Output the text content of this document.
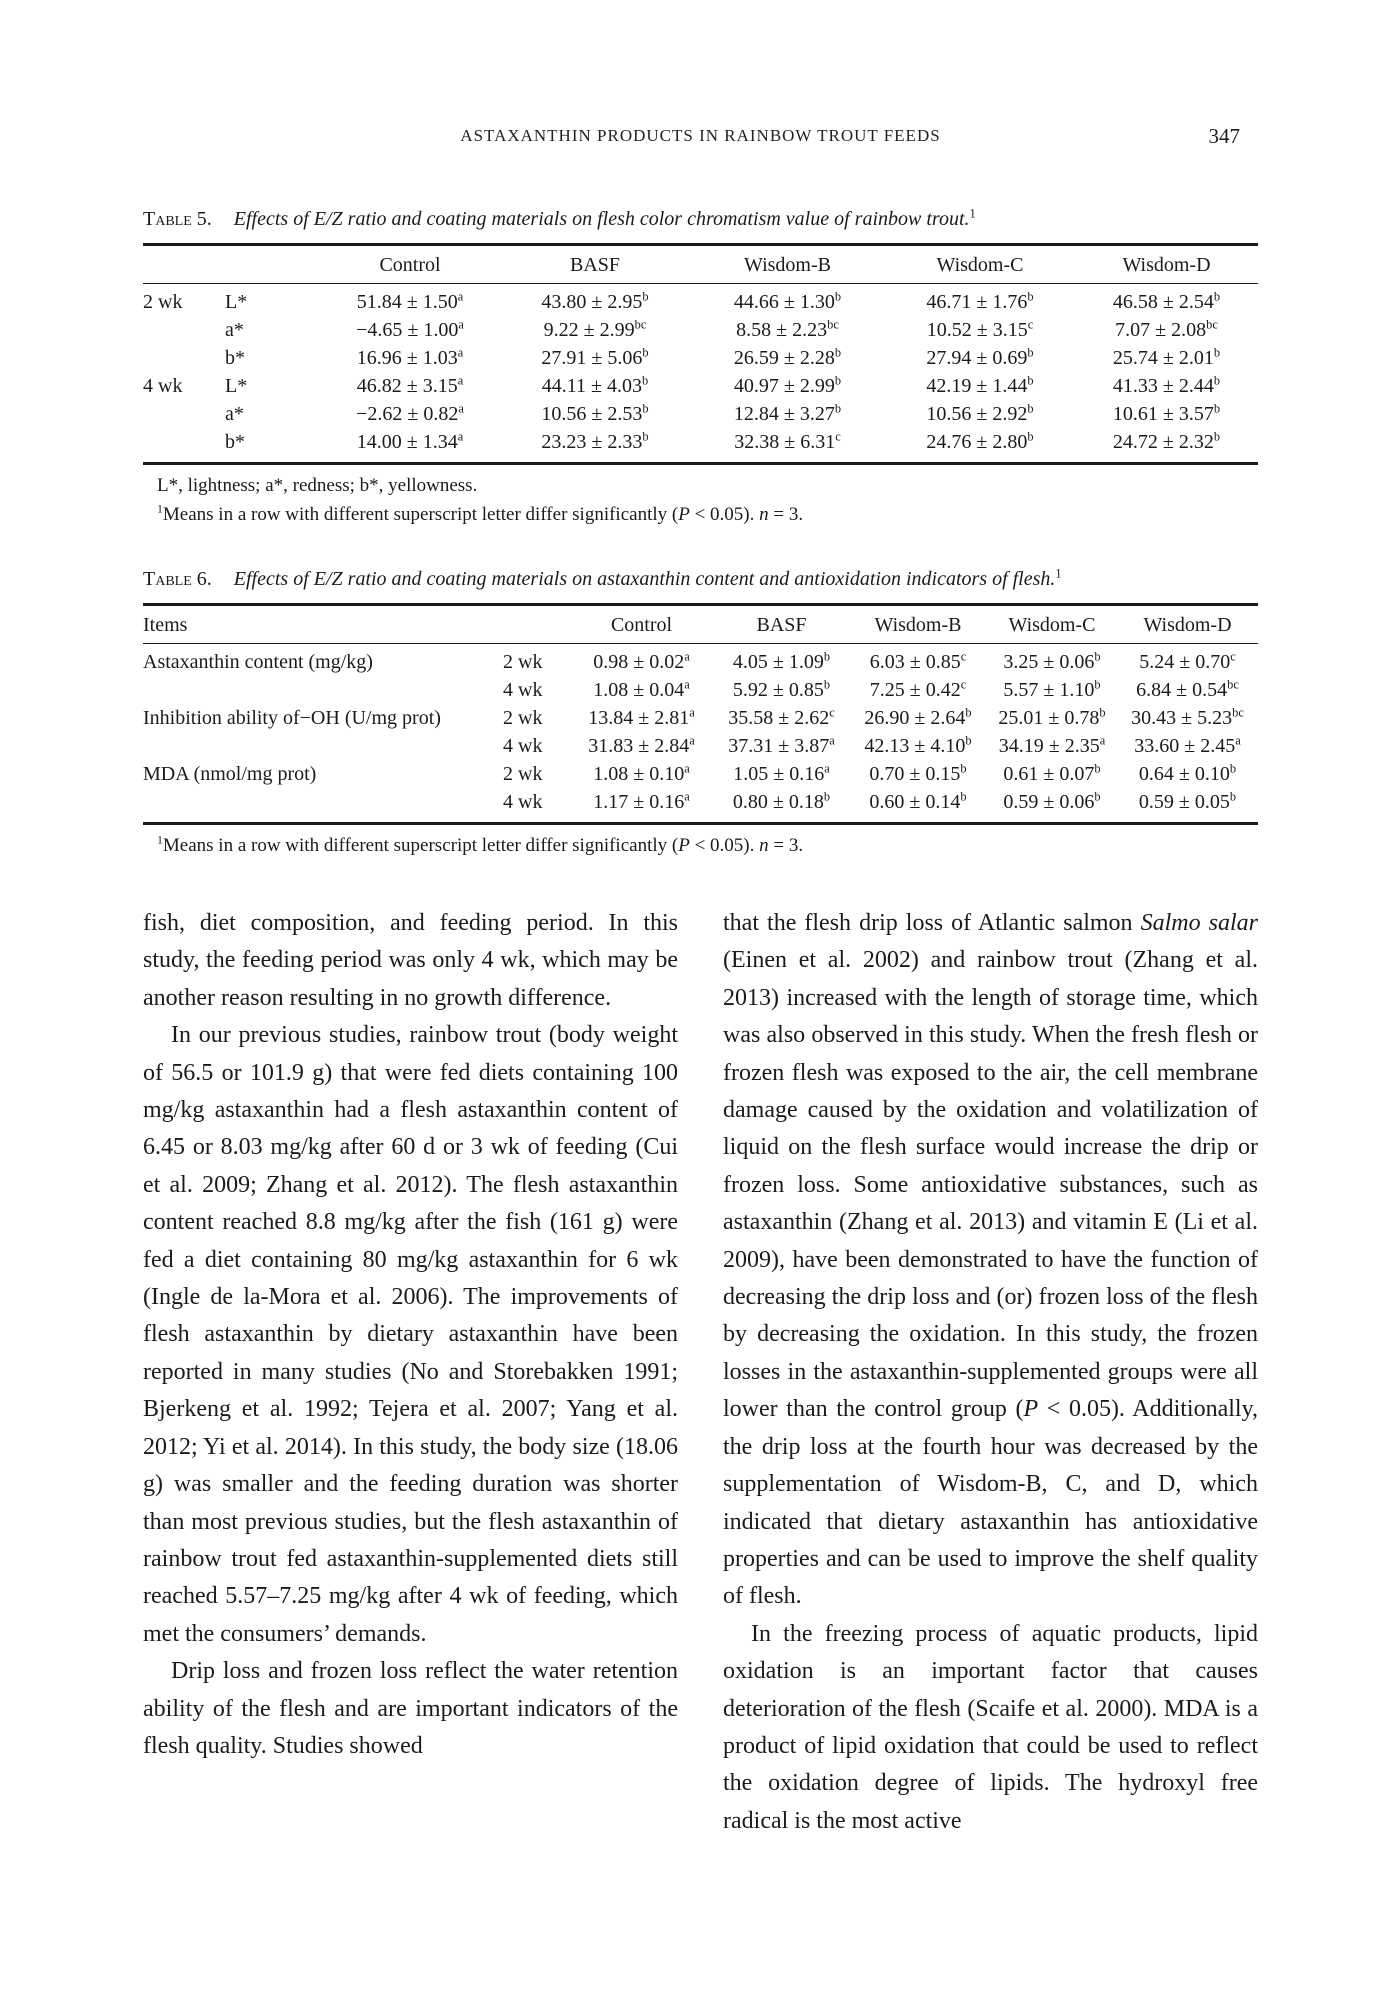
ASTAXANTHIN PRODUCTS IN RAINBOW TROUT FEEDS	347
Table 5. Effects of E/Z ratio and coating materials on flesh color chromatism value of rainbow trout.$^1$
		Control	BASF	Wisdom-B	Wisdom-C	Wisdom-D
2 wk	L*	51.84 ± 1.50$^a$	43.80 ± 2.95$^b$	44.66 ± 1.30$^b$	46.71 ± 1.76$^b$	46.58 ± 2.54$^b$
	a*	−4.65 ± 1.00$^a$	9.22 ± 2.99$^{bc}$	8.58 ± 2.23$^{bc}$	10.52 ± 3.15$^c$	7.07 ± 2.08$^{bc}$
	b*	16.96 ± 1.03$^a$	27.91 ± 5.06$^b$	26.59 ± 2.28$^b$	27.94 ± 0.69$^b$	25.74 ± 2.01$^b$
4 wk	L*	46.82 ± 3.15$^a$	44.11 ± 4.03$^b$	40.97 ± 2.99$^b$	42.19 ± 1.44$^b$	41.33 ± 2.44$^b$
	a*	−2.62 ± 0.82$^a$	10.56 ± 2.53$^b$	12.84 ± 3.27$^b$	10.56 ± 2.92$^b$	10.61 ± 3.57$^b$
	b*	14.00 ± 1.34$^a$	23.23 ± 2.33$^b$	32.38 ± 6.31$^c$	24.76 ± 2.80$^b$	24.72 ± 2.32$^b$
L*, lightness; a*, redness; b*, yellowness.
$^1$Means in a row with different superscript letter differ significantly (P < 0.05). n = 3.
Table 6. Effects of E/Z ratio and coating materials on astaxanthin content and antioxidation indicators of flesh.$^1$
Items		Control	BASF	Wisdom-B	Wisdom-C	Wisdom-D
Astaxanthin content (mg/kg)	2 wk	0.98 ± 0.02$^a$	4.05 ± 1.09$^b$	6.03 ± 0.85$^c$	3.25 ± 0.06$^b$	5.24 ± 0.70$^c$
	4 wk	1.08 ± 0.04$^a$	5.92 ± 0.85$^b$	7.25 ± 0.42$^c$	5.57 ± 1.10$^b$	6.84 ± 0.54$^{bc}$
Inhibition ability of−OH (U/mg prot)	2 wk	13.84 ± 2.81$^a$	35.58 ± 2.62$^c$	26.90 ± 2.64$^b$	25.01 ± 0.78$^b$	30.43 ± 5.23$^{bc}$
	4 wk	31.83 ± 2.84$^a$	37.31 ± 3.87$^a$	42.13 ± 4.10$^b$	34.19 ± 2.35$^a$	33.60 ± 2.45$^a$
MDA (nmol/mg prot)	2 wk	1.08 ± 0.10$^a$	1.05 ± 0.16$^a$	0.70 ± 0.15$^b$	0.61 ± 0.07$^b$	0.64 ± 0.10$^b$
	4 wk	1.17 ± 0.16$^a$	0.80 ± 0.18$^b$	0.60 ± 0.14$^b$	0.59 ± 0.06$^b$	0.59 ± 0.05$^b$
$^1$Means in a row with different superscript letter differ significantly (P < 0.05). n = 3.

fish, diet composition, and feeding period. In this study, the feeding period was only 4 wk, which may be another reason resulting in no growth difference.

In our previous studies, rainbow trout (body weight of 56.5 or 101.9 g) that were fed diets containing 100 mg/kg astaxanthin had a flesh astaxanthin content of 6.45 or 8.03 mg/kg after 60 d or 3 wk of feeding (Cui et al. 2009; Zhang et al. 2012). The flesh astaxanthin content reached 8.8 mg/kg after the fish (161 g) were fed a diet containing 80 mg/kg astaxanthin for 6 wk (Ingle de la-Mora et al. 2006). The improvements of flesh astaxanthin by dietary astaxanthin have been reported in many studies (No and Storebakken 1991; Bjerkeng et al. 1992; Tejera et al. 2007; Yang et al. 2012; Yi et al. 2014). In this study, the body size (18.06 g) was smaller and the feeding duration was shorter than most previous studies, but the flesh astaxanthin of rainbow trout fed astaxanthin-supplemented diets still reached 5.57–7.25 mg/kg after 4 wk of feeding, which met the consumers’ demands.

Drip loss and frozen loss reflect the water retention ability of the flesh and are important indicators of the flesh quality. Studies showed

that the flesh drip loss of Atlantic salmon Salmo salar (Einen et al. 2002) and rainbow trout (Zhang et al. 2013) increased with the length of storage time, which was also observed in this study. When the fresh flesh or frozen flesh was exposed to the air, the cell membrane damage caused by the oxidation and volatilization of liquid on the flesh surface would increase the drip or frozen loss. Some antioxidative substances, such as astaxanthin (Zhang et al. 2013) and vitamin E (Li et al. 2009), have been demonstrated to have the function of decreasing the drip loss and (or) frozen loss of the flesh by decreasing the oxidation. In this study, the frozen losses in the astaxanthin-supplemented groups were all lower than the control group (P < 0.05). Additionally, the drip loss at the fourth hour was decreased by the supplementation of Wisdom-B, C, and D, which indicated that dietary astaxanthin has antioxidative properties and can be used to improve the shelf quality of flesh.

In the freezing process of aquatic products, lipid oxidation is an important factor that causes deterioration of the flesh (Scaife et al. 2000). MDA is a product of lipid oxidation that could be used to reflect the oxidation degree of lipids. The hydroxyl free radical is the most active
